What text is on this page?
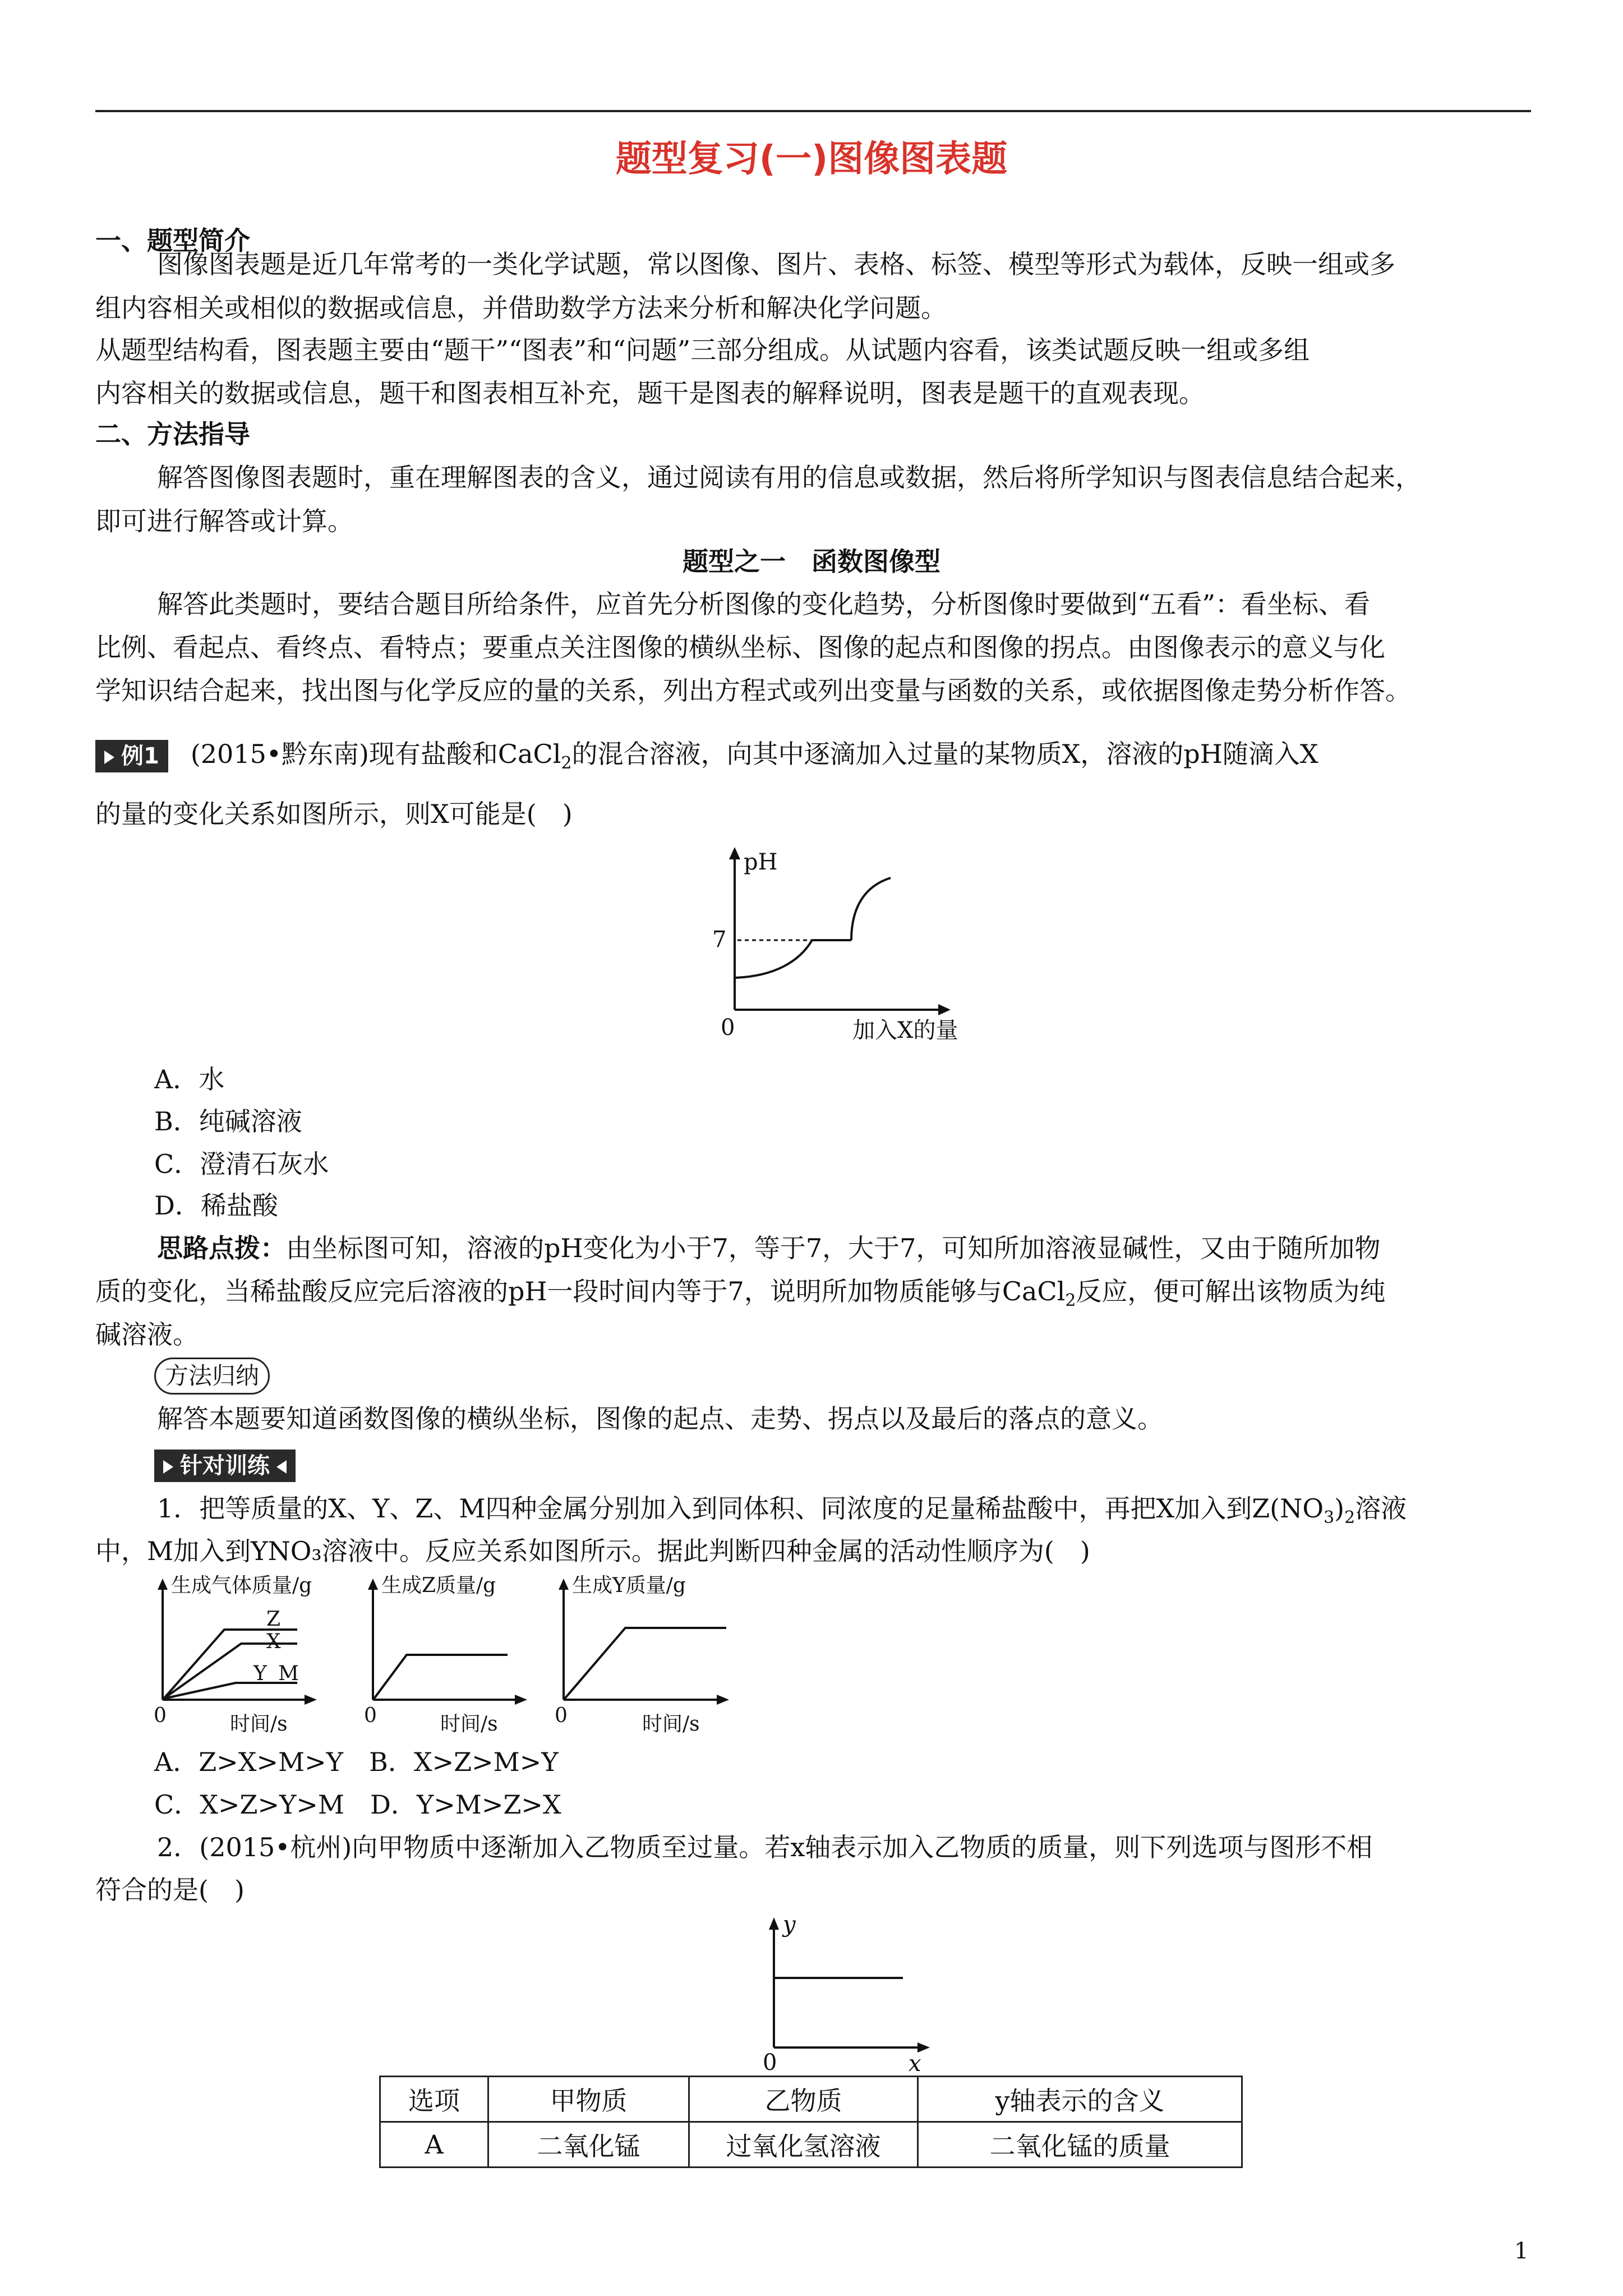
题型复习(一)图像图表题
一、题型简介
图像图表题是近几年常考的一类化学试题，常以图像、图片、表格、标签、模型等形式为载体，反映一组或多
组内容相关或相似的数据或信息，并借助数学方法来分析和解决化学问题。
从题型结构看，图表题主要由“题干”“图表”和“问题”三部分组成。从试题内容看，该类试题反映一组或多组
内容相关的数据或信息，题干和图表相互补充，题干是图表的解释说明，图表是题干的直观表现。
二、方法指导
解答图像图表题时，重在理解图表的含义，通过阅读有用的信息或数据，然后将所学知识与图表信息结合起来，
即可进行解答或计算。
题型之一　函数图像型
解答此类题时，要结合题目所给条件，应首先分析图像的变化趋势，分析图像时要做到“五看”：看坐标、看
比例、看起点、看终点、看特点；要重点关注图像的横纵坐标、图像的起点和图像的拐点。由图像表示的意义与化
学知识结合起来，找出图与化学反应的量的关系，列出方程式或列出变量与函数的关系，或依据图像走势分析作答。
例1 (2015•黔东南)现有盐酸和CaCl$_2$的混合溶液，向其中逐滴加入过量的某物质X，溶液的pH随滴入X
的量的变化关系如图所示，则X可能是(　)
pH
7
0	加入X的量
A．水
B．纯碱溶液
C．澄清石灰水
D．稀盐酸
思路点拨：由坐标图可知，溶液的pH变化为小于7，等于7，大于7，可知所加溶液显碱性，又由于随所加物
质的变化，当稀盐酸反应完后溶液的pH一段时间内等于7，说明所加物质能够与CaCl$_2$反应，便可解出该物质为纯
碱溶液。
方法归纳
解答本题要知道函数图像的横纵坐标，图像的起点、走势、拐点以及最后的落点的意义。
针对训练
1．把等质量的X、Y、Z、M四种金属分别加入到同体积、同浓度的足量稀盐酸中，再把X加入到$Z(NO_3)_2$溶液
中，M加入到YNO₃溶液中。反应关系如图所示。据此判断四种金属的活动性顺序为(　)
生成气体质量/g
Z
X
Y M
0	时间/s
生成Z质量/g
0	时间/s
生成Y质量/g
0	时间/s
A．Z>X>M>Y　B．X>Z>M>Y
C．X>Z>Y>M　D．Y>M>Z>X
2．(2015•杭州)向甲物质中逐渐加入乙物质至过量。若x轴表示加入乙物质的质量，则下列选项与图形不相
符合的是(　)
y
0	x
选项	甲物质	乙物质	y轴表示的含义
A	二氧化锰	过氧化氢溶液	二氧化锰的质量
1
